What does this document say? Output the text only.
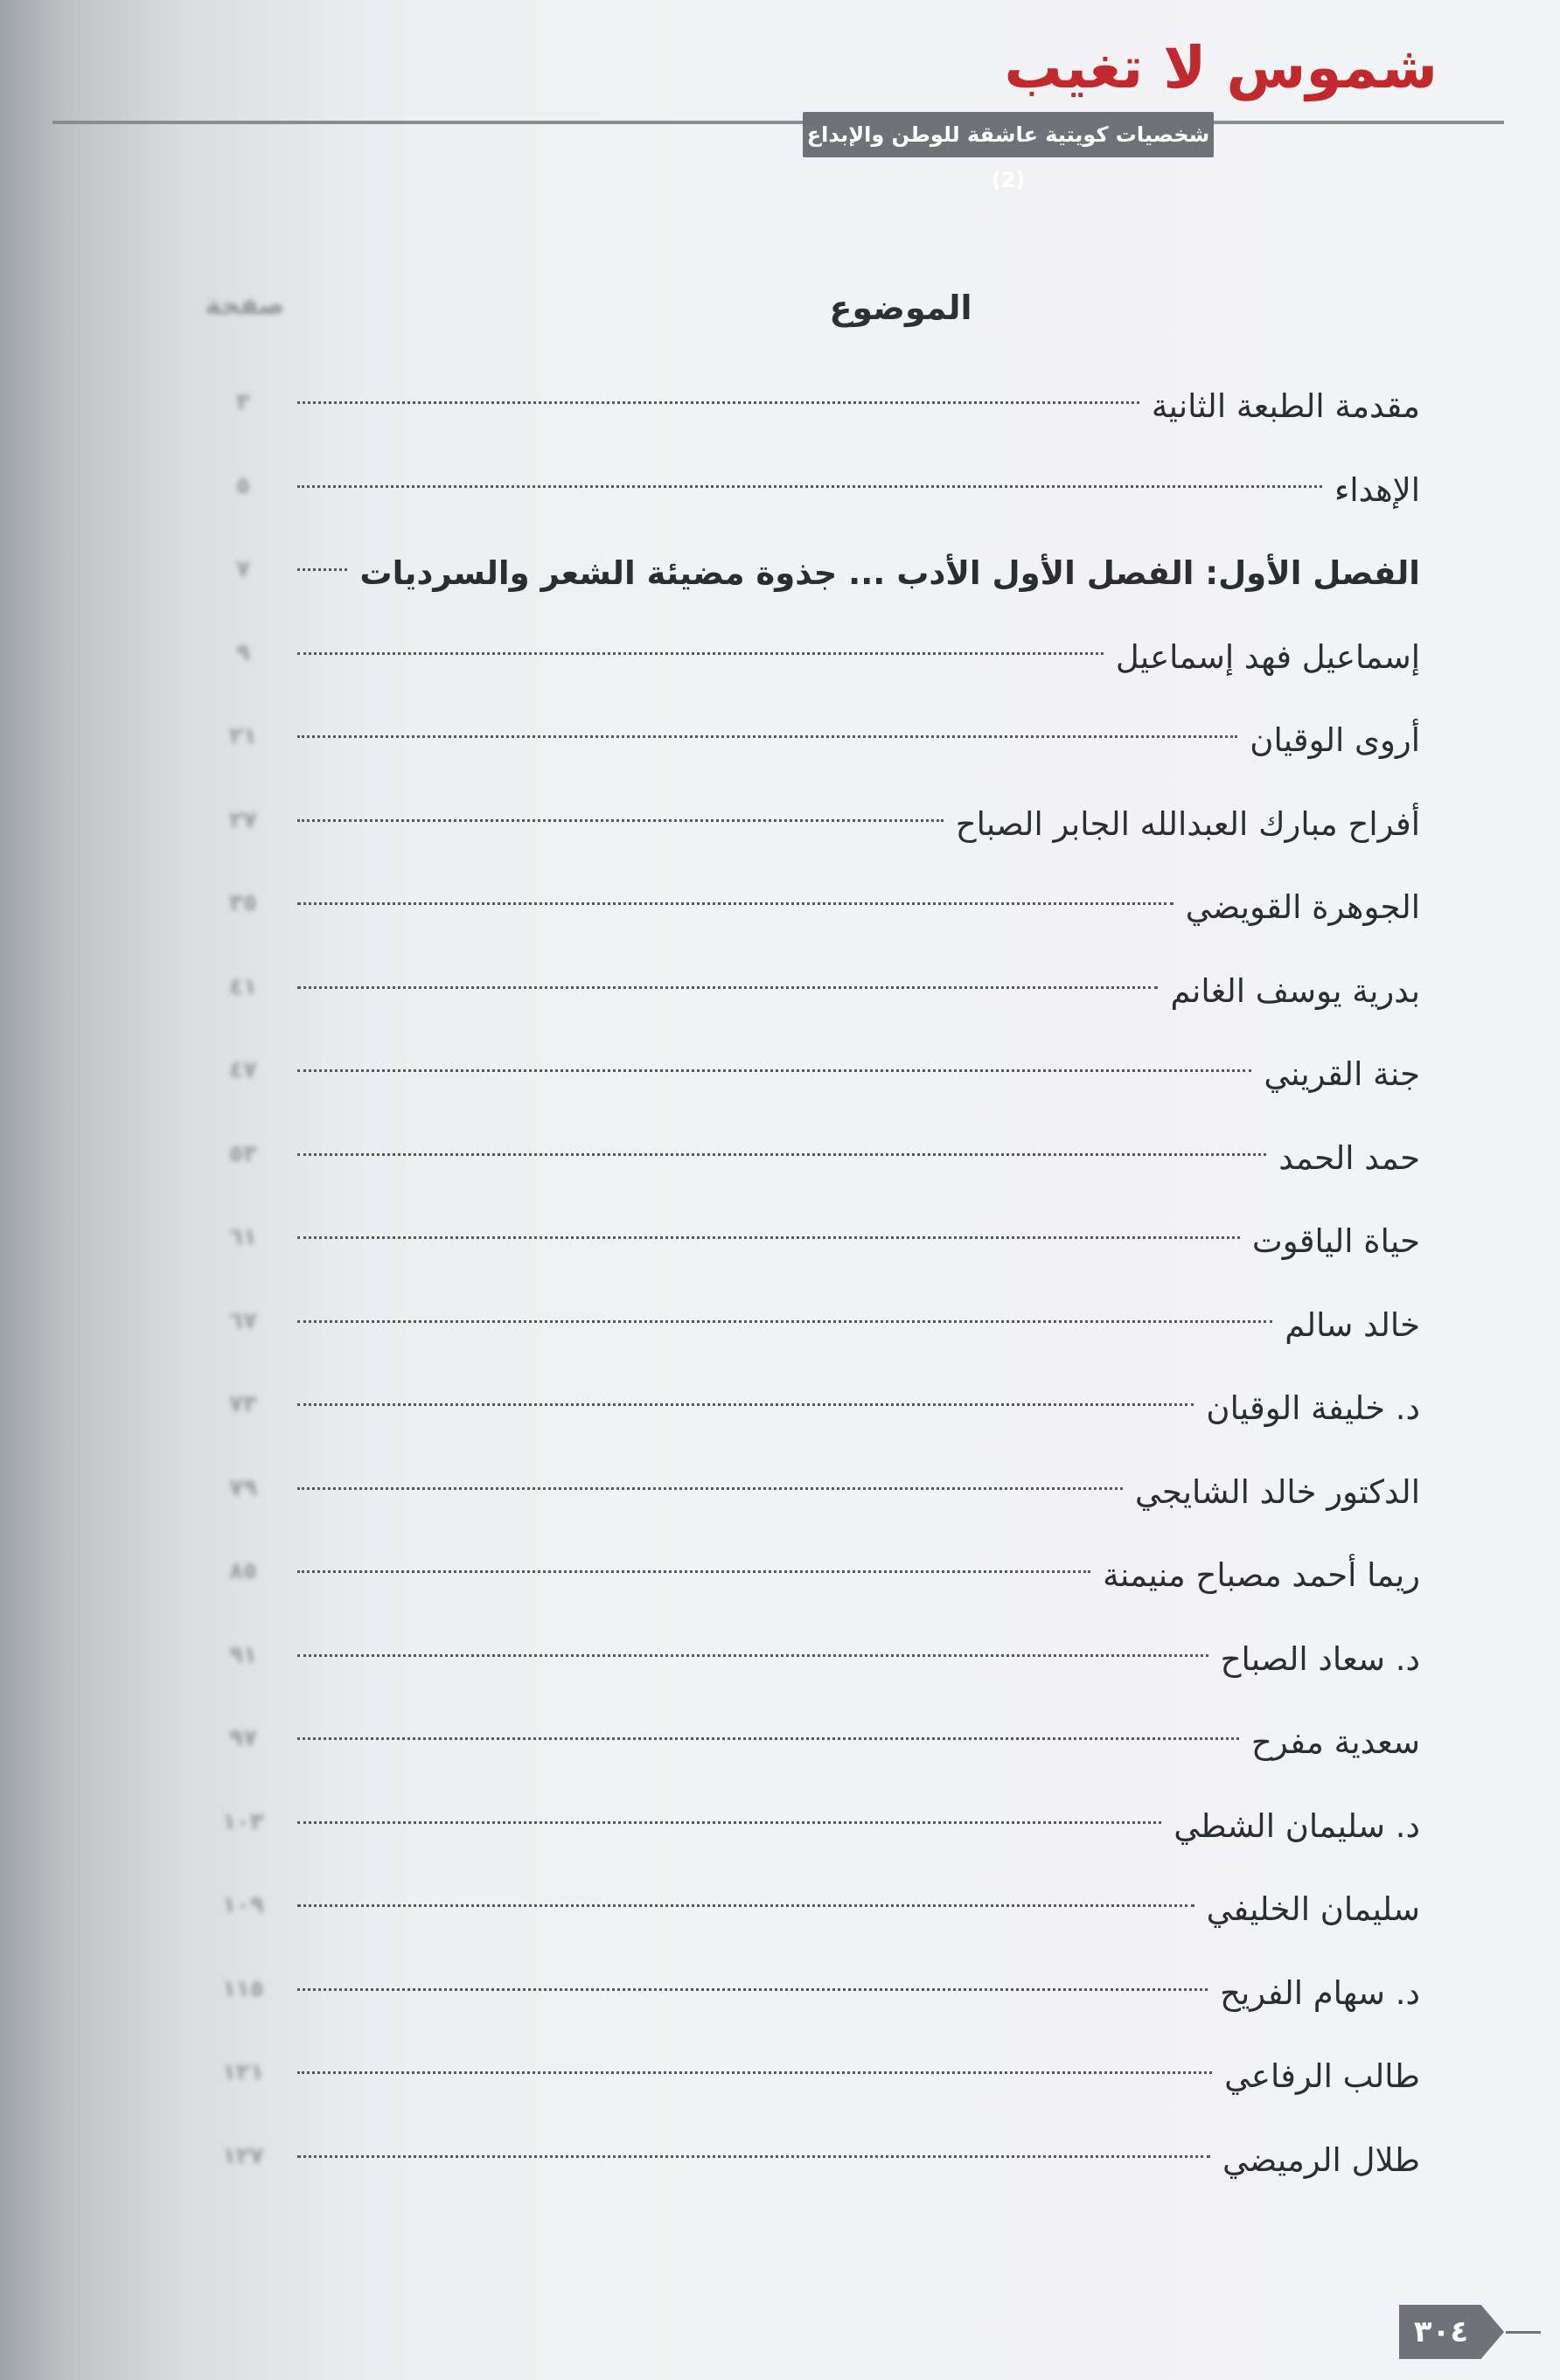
شموس لا تغيب
شخصيات كويتية عاشقة للوطن والإبداع (2)
الموضوع
صفحة
٣	مقدمة الطبعة الثانية
٥	الإهداء
٧	الفصل الأول: الفصل الأول الأدب ... جذوة مضيئة الشعر والسرديات
٩	إسماعيل فهد إسماعيل
٢١	أروى الوقيان
٢٧	أفراح مبارك العبدالله الجابر الصباح
٣٥	الجوهرة القويضي
٤١	بدرية يوسف الغانم
٤٧	جنة القريني
٥٣	حمد الحمد
٦١	حياة الياقوت
٦٧	خالد سالم
٧٣	د. خليفة الوقيان
٧٩	الدكتور خالد الشايجي
٨٥	ريما أحمد مصباح منيمنة
٩١	د. سعاد الصباح
٩٧	سعدية مفرح
١٠٣	د. سليمان الشطي
١٠٩	سليمان الخليفي
١١٥	د. سهام الفريح
١٢١	طالب الرفاعي
١٢٧	طلال الرميضي
٣٠٤
